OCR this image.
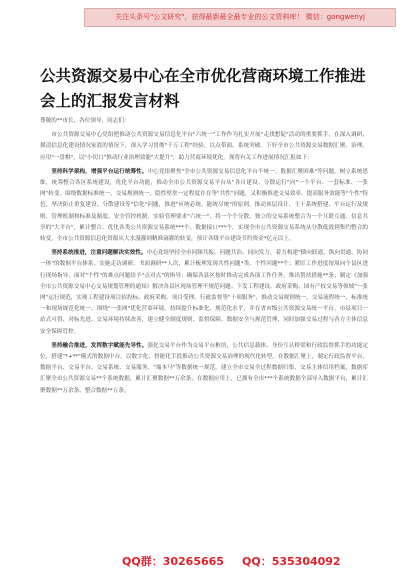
关注头条号"公文研究"，获得最新最全最专业的公文资料库！ 微信：gongwenyj
公共资源交易中心在全市优化营商环境工作推进会上的汇报发言材料

尊敬的**市长，各位领导，同志们：

市公共资源交易中心党组把推动公共资源交易信息化平台"六统一"工作作为扎实开展"走找想促"活动的重要抓手，在深入调研、摸清信息化建设情况家底的情况下，深入学习贯彻"千万工程"经验，以点带面、系统突破。下好全市公共资源交易数据汇聚、治理、应用"一盘棋"，以"小切口"推动行业治理效能"大提升"，助力营商环境优化。现将有关工作进展情况汇报如下：

坚持科学架构，增强平台运行统筹性。中心党组聚焦"全市公共资源交易信息化平台不统一、数据汇聚困难"等问题，树立系统思维，统筹整合各区系统建设，优化平台功能，推动全市公共资源交易平台从"各自建设、分散运行"向"一个平台、一套标准、一张网"转变。围绕数据标准统一、交易规则统一、隐性壁垒一定程度存在等"共性"问题，又积极推进交易效率、提高服务效能等"个性"特色，坚决防止重复建设、分散建设等"信化"问题，推进"应统必统、能统尽统"的原则，推动顶层设计、主干系统搭建、平台运行及规则、管理机制和标准及制度、安全管控机制、实验管理要求"六统一"，将一个个分散、独立的交易系统整合为一个互联互通、信息共享的"大平台"，累计整合、优化各类公共资源交易系统***个、数据接口***个，实现全市公共资源交易系统从分散低效到集约整合的转变，全市公共资源信息化资源从大水漫灌到精准滴灌的转变，预计各级平台建设节约资金*亿元以上。

坚持系统推进，注重问题解决实效性。中心党组坚持全市同频共振、问题共治、同向发力，着力构建"横向联通、纵向贯通、协同一体"的数据平台体系。实施走访调研、书面调研**人次，累计梳理发现共性问题*类、个性问题**个；紧盯工作进度按周向个县区进行现场指导，面对"个性"的难点问题给予"点对点"的指导；确保各县区按时推动完成各项工作任务，推出帮扶措施**条；制定《加强全市公共资源交易中心交易规划管理的通知》解决各县区现场管理不规范问题；下发工程建设、政府采购、国有产权交易等领域"一张网"运行规范，实现工程建设项目招投标、政府采购、项目受理、行政监督等"十项服务"，推动交易规则统一、交易流程统一、标准统一和现场规范化统一。围绕"一张网"优化营商环境，持续提升标准化、规范化水平，并在省市级公共资源交易统一平台、市县项目一站式可得、对标先进、交易环境持续改善，建立健全制度规则、监督保障、数据安全与规范管理，同时加强交易过程与各方主体信息安全保障管控。

坚持融合推进，发挥数字赋能先导性。强化交易平台作为交易平台枢纽，公共信息载体、身份互认桥梁和行政监督抓手的功能定位，搭建"*+**"模式的数据中台，以数字化、智能化手段推动公共资源交易治理的现代化转型。在数据汇聚上，制定行政监督平台、数据平台、交易平台、交易系统、交易服务、"端本马"等数据统一规范，建立全市交易全过程数据归集、交易主体信用档案，数据库汇聚全市公共资源交易**个系统数据，累计汇聚数据**万余条，在数据应用上，已拥有全市***个系统数据全部导入数据平台，累计汇聚数据**万余条、整合数据**万条。

QQ群：30265665 QQ：535304092
